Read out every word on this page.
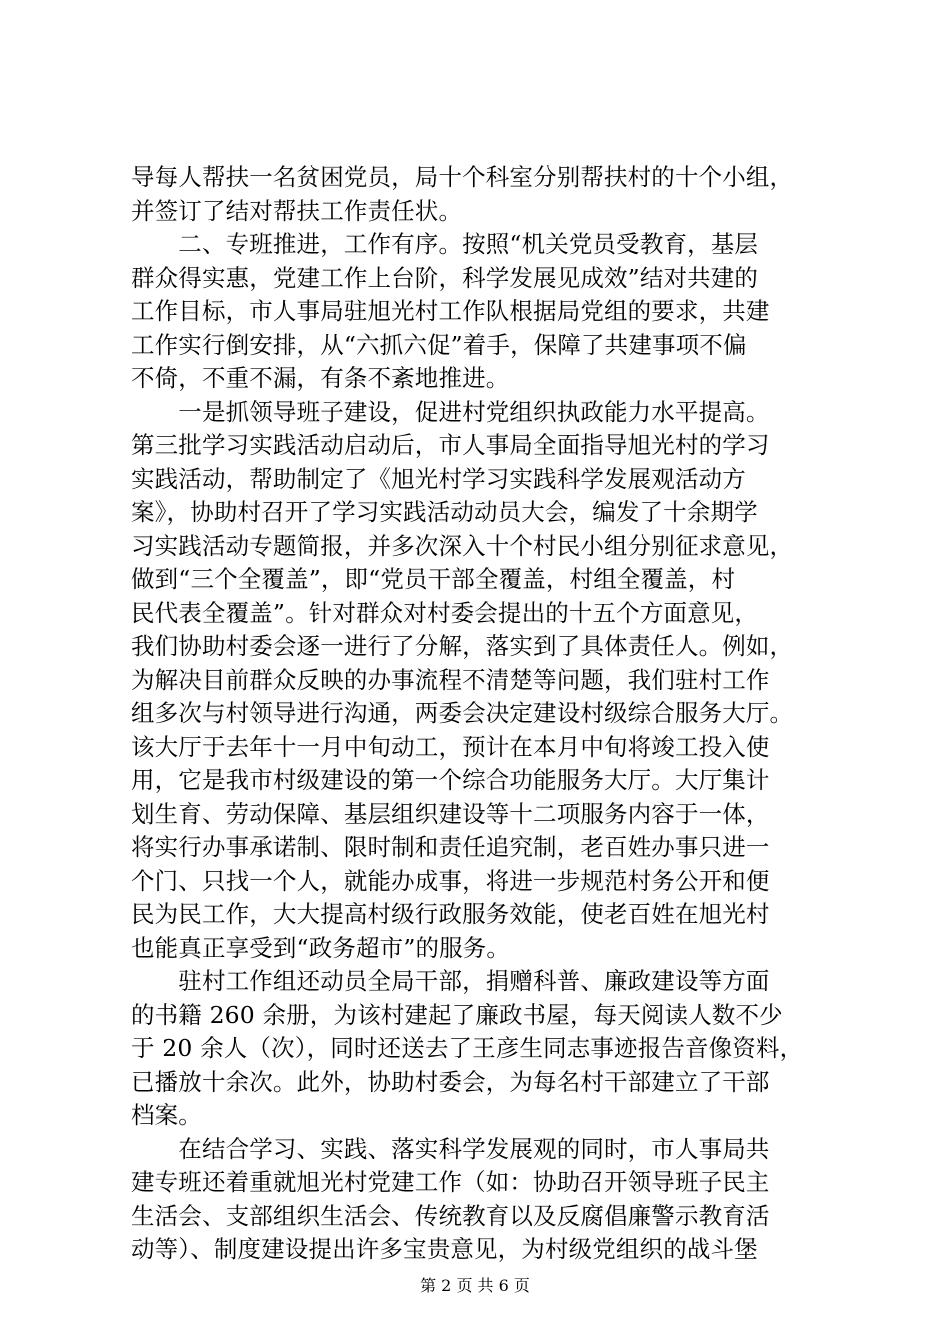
导每人帮扶一名贫困党员，局十个科室分别帮扶村的十个小组，
并签订了结对帮扶工作责任状。
　　二、专班推进，工作有序。按照“机关党员受教育，基层
群众得实惠，党建工作上台阶，科学发展见成效”结对共建的
工作目标，市人事局驻旭光村工作队根据局党组的要求，共建
工作实行倒安排，从“六抓六促”着手，保障了共建事项不偏
不倚，不重不漏，有条不紊地推进。
　　一是抓领导班子建设，促进村党组织执政能力水平提高。
第三批学习实践活动启动后，市人事局全面指导旭光村的学习
实践活动，帮助制定了《旭光村学习实践科学发展观活动方
案》，协助村召开了学习实践活动动员大会，编发了十余期学
习实践活动专题简报，并多次深入十个村民小组分别征求意见，
做到“三个全覆盖”，即“党员干部全覆盖，村组全覆盖，村
民代表全覆盖”。针对群众对村委会提出的十五个方面意见，
我们协助村委会逐一进行了分解，落实到了具体责任人。例如，
为解决目前群众反映的办事流程不清楚等问题，我们驻村工作
组多次与村领导进行沟通，两委会决定建设村级综合服务大厅。
该大厅于去年十一月中旬动工，预计在本月中旬将竣工投入使
用，它是我市村级建设的第一个综合功能服务大厅。大厅集计
划生育、劳动保障、基层组织建设等十二项服务内容于一体，
将实行办事承诺制、限时制和责任追究制，老百姓办事只进一
个门、只找一个人，就能办成事，将进一步规范村务公开和便
民为民工作，大大提高村级行政服务效能，使老百姓在旭光村
也能真正享受到“政务超市”的服务。
　　驻村工作组还动员全局干部，捐赠科普、廉政建设等方面
的书籍 260 余册，为该村建起了廉政书屋，每天阅读人数不少
于 20 余人（次），同时还送去了王彦生同志事迹报告音像资料，
已播放十余次。此外，协助村委会，为每名村干部建立了干部
档案。
　　在结合学习、实践、落实科学发展观的同时，市人事局共
建专班还着重就旭光村党建工作（如：协助召开领导班子民主
生活会、支部组织生活会、传统教育以及反腐倡廉警示教育活
动等）、制度建设提出许多宝贵意见，为村级党组织的战斗堡
第 2 页 共 6 页
